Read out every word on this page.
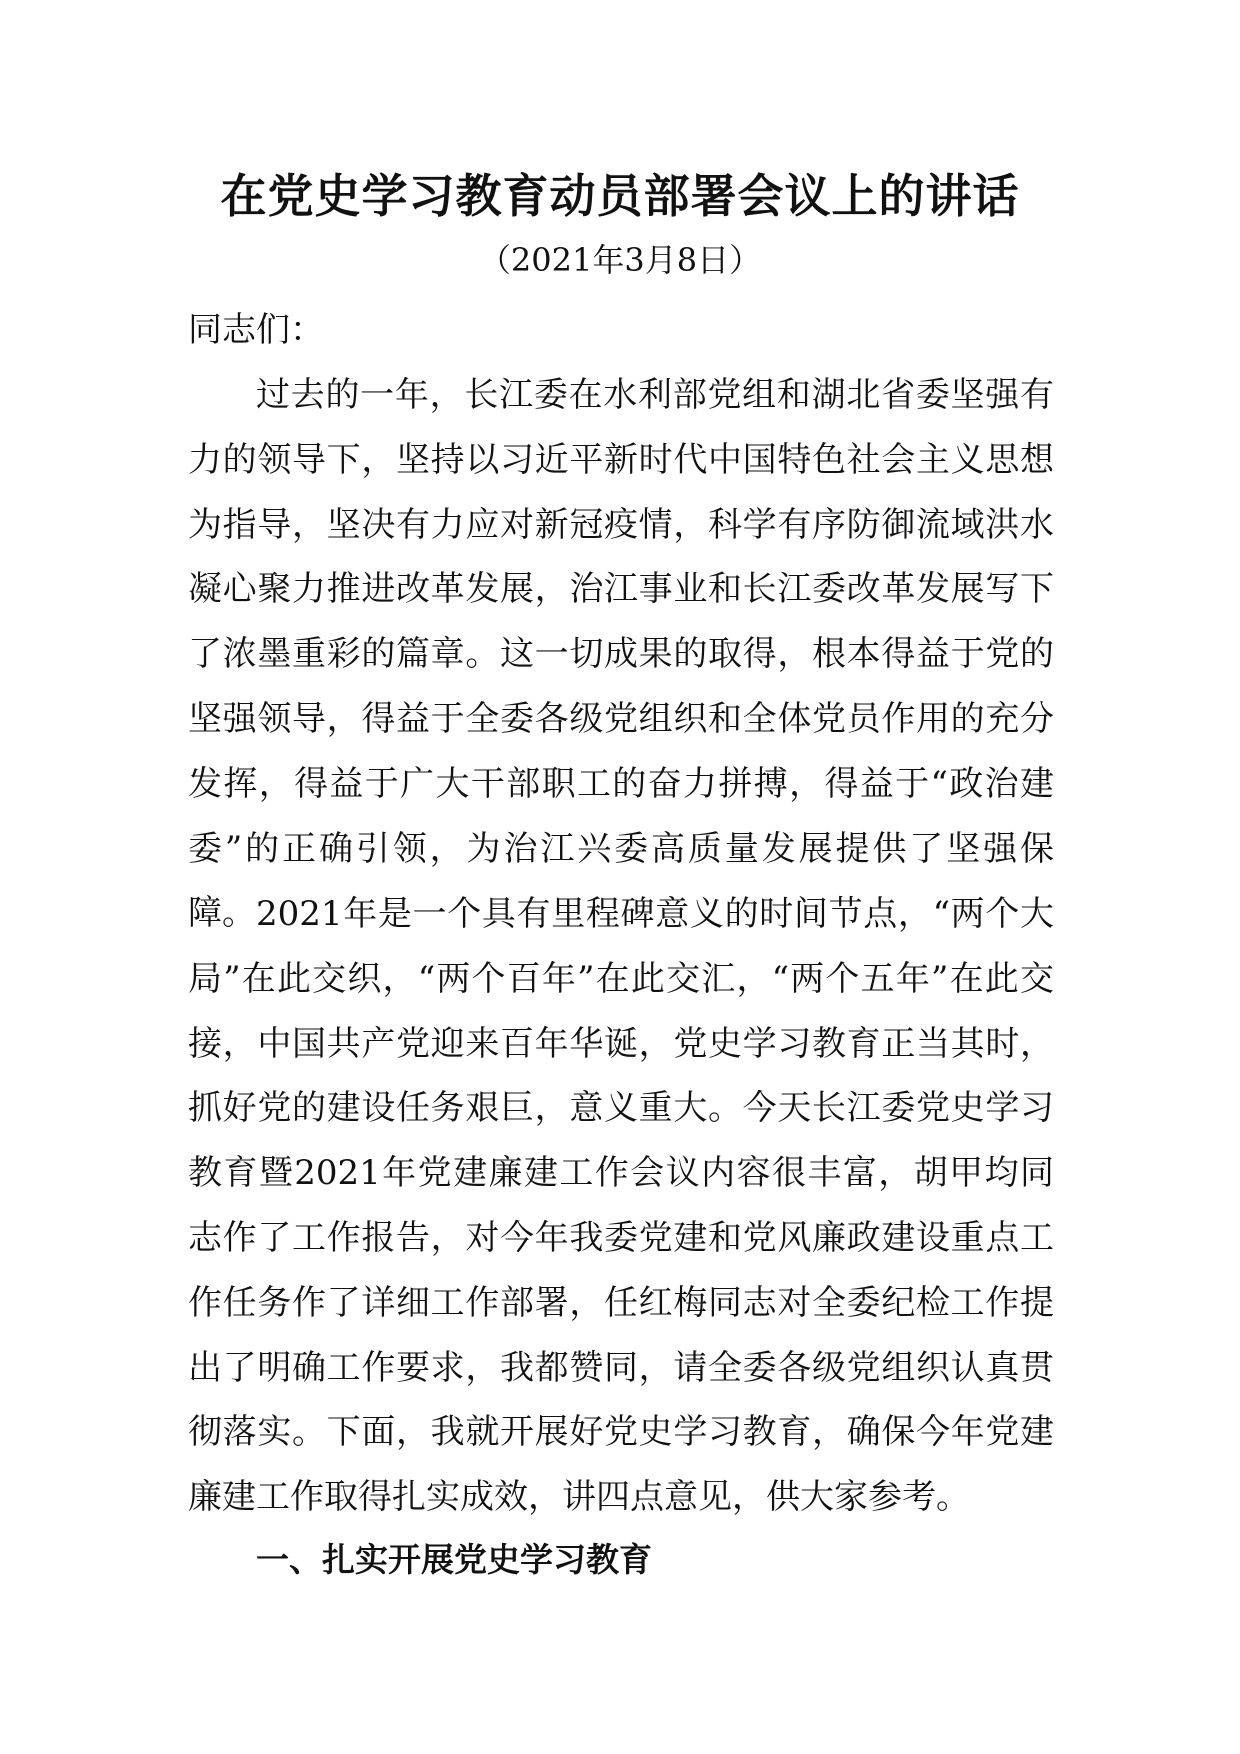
在党史学习教育动员部署会议上的讲话
（2021年3月8日）
同志们：
过去的一年，长江委在水利部党组和湖北省委坚强有力的领导下，坚持以习近平新时代中国特色社会主义思想为指导，坚决有力应对新冠疫情，科学有序防御流域洪水凝心聚力推进改革发展，治江事业和长江委改革发展写下了浓墨重彩的篇章。这一切成果的取得，根本得益于党的坚强领导，得益于全委各级党组织和全体党员作用的充分发挥，得益于广大干部职工的奋力拼搏，得益于“政治建委”的正确引领，为治江兴委高质量发展提供了坚强保障。 2021年是一个具有里程碑意义的时间节点，“两个大局”在此交织，“两个百年”在此交汇，“两个五年”在此交接，中国共产党迎来百年华诞，党史学习教育正当其时，抓好党的建设任务艰巨，意义重大。今天长江委党史学习教育暨2021年党建廉建工作会议内容很丰富，胡甲均同志作了工作报告，对今年我委党建和党风廉政建设重点工作任务作了详细工作部署，任红梅同志对全委纪检工作提出了明确工作要求，我都赞同，请全委各级党组织认真贯彻落实。下面，我就开展好党史学习教育，确保今年党建廉建工作取得扎实成效，讲四点意见，供大家参考。
一、扎实开展党史学习教育
